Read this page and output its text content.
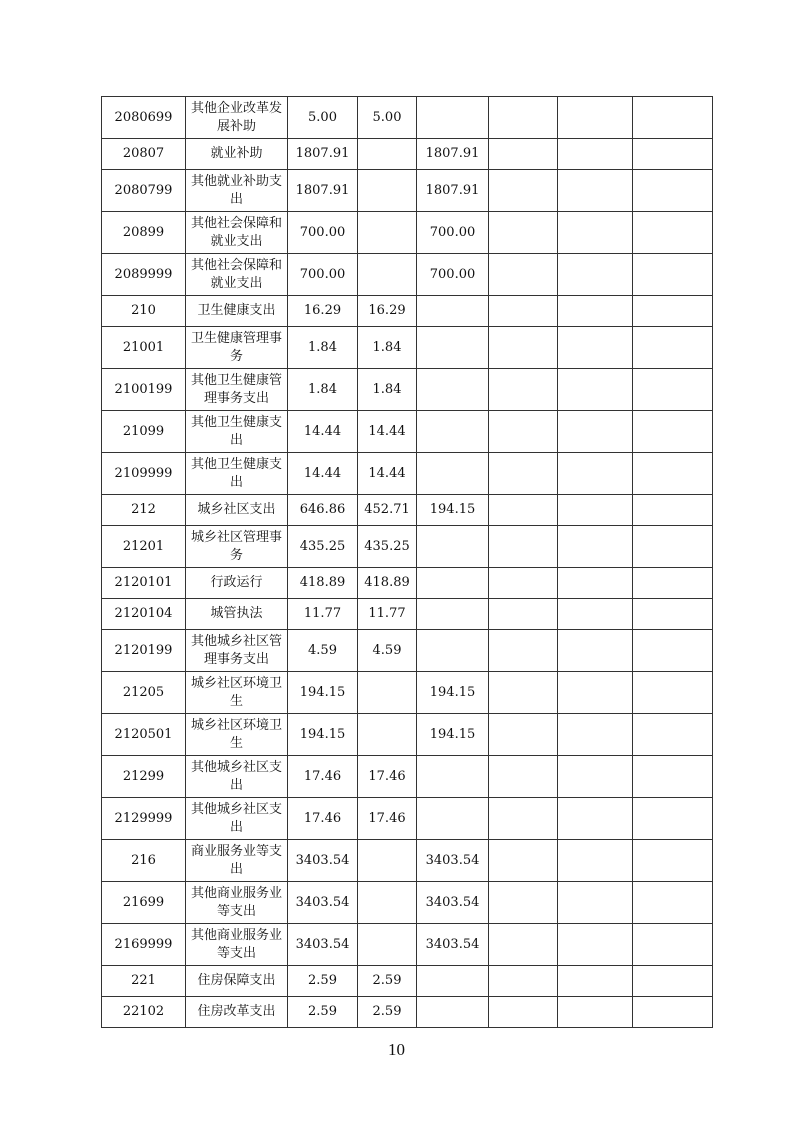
2080699	其他企业改革发展补助	5.00	5.00				
20807	就业补助	1807.91		1807.91			
2080799	其他就业补助支出	1807.91		1807.91			
20899	其他社会保障和就业支出	700.00		700.00			
2089999	其他社会保障和就业支出	700.00		700.00			
210	卫生健康支出	16.29	16.29				
21001	卫生健康管理事务	1.84	1.84				
2100199	其他卫生健康管理事务支出	1.84	1.84				
21099	其他卫生健康支出	14.44	14.44				
2109999	其他卫生健康支出	14.44	14.44				
212	城乡社区支出	646.86	452.71	194.15			
21201	城乡社区管理事务	435.25	435.25				
2120101	行政运行	418.89	418.89				
2120104	城管执法	11.77	11.77				
2120199	其他城乡社区管理事务支出	4.59	4.59				
21205	城乡社区环境卫生	194.15		194.15			
2120501	城乡社区环境卫生	194.15		194.15			
21299	其他城乡社区支出	17.46	17.46				
2129999	其他城乡社区支出	17.46	17.46				
216	商业服务业等支出	3403.54		3403.54			
21699	其他商业服务业等支出	3403.54		3403.54			
2169999	其他商业服务业等支出	3403.54		3403.54			
221	住房保障支出	2.59	2.59				
22102	住房改革支出	2.59	2.59				
10
